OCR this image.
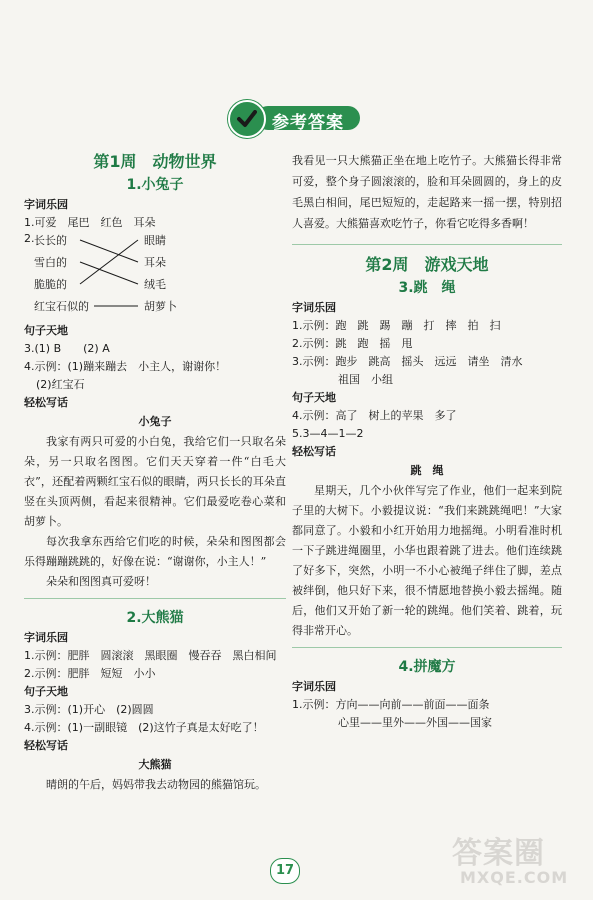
参考答案
第1周　动物世界
1.小兔子
字词乐园
1.可爱　尾巴　红色　耳朵
2. 长长的
雪白的
脆脆的
红宝石似的
眼睛
耳朵
绒毛
胡萝卜
句子天地
3.(1) B　　(2) A
4.示例：(1)蹦来蹦去　小主人，谢谢你！
(2)红宝石
轻松写话
小兔子
我家有两只可爱的小白兔，我给它们一只取名朵朵，另一只取名图图。它们天天穿着一件“白毛大衣”，还配着两颗红宝石似的眼睛，两只长长的耳朵直竖在头顶两侧，看起来很精神。它们最爱吃卷心菜和胡萝卜。
每次我拿东西给它们吃的时候，朵朵和图图都会乐得蹦蹦跳跳的，好像在说：“谢谢你，小主人！”
朵朵和图图真可爱呀！
2.大熊猫
字词乐园
1.示例：肥胖　圆滚滚　黑眼圈　慢吞吞　黑白相间
2.示例：肥胖　短短　小小
句子天地
3.示例：(1)开心　(2)圆圆
4.示例：(1)一副眼镜　(2)这竹子真是太好吃了！
轻松写话
大熊猫
晴朗的午后，妈妈带我去动物园的熊猫馆玩。
我看见一只大熊猫正坐在地上吃竹子。大熊猫长得非常可爱，整个身子圆滚滚的，脸和耳朵圆圆的，身上的皮毛黑白相间，尾巴短短的，走起路来一摇一摆，特别招人喜爱。大熊猫喜欢吃竹子，你看它吃得多香啊！
第2周　游戏天地
3.跳　绳
字词乐园
1.示例：跑　跳　踢　蹦　打　摔　拍　扫
2.示例：跳　跑　摇　甩
3.示例：跑步　跳高　摇头　远远　请坐　清水
祖国　小组
句子天地
4.示例：高了　树上的苹果　多了
5.3—4—1—2
轻松写话
跳　绳
星期天，几个小伙伴写完了作业，他们一起来到院子里的大树下。小毅提议说：“我们来跳跳绳吧！”大家都同意了。小毅和小红开始用力地摇绳。小明看准时机一下子跳进绳圈里，小华也跟着跳了进去。他们连续跳了好多下，突然，小明一不小心被绳子绊住了脚，差点被绊倒，他只好下来，很不情愿地替换小毅去摇绳。随后，他们又开始了新一轮的跳绳。他们笑着、跳着，玩得非常开心。
4.拼魔方
字词乐园
1.示例：方向——向前——前面——面条
心里——里外——外国——国家
17	答案圈
MXQE.COM
